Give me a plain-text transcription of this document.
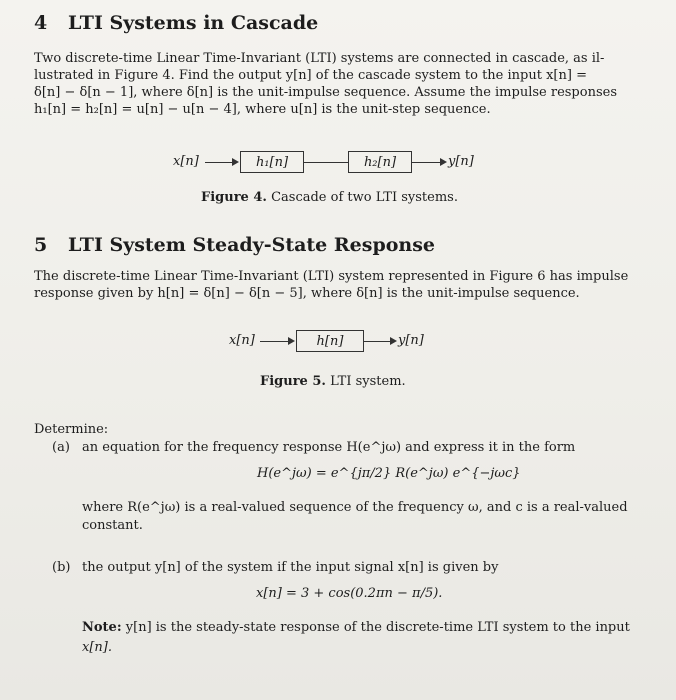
4 LTI Systems in Cascade
Two discrete-time Linear Time-Invariant (LTI) systems are connected in cascade, as il-
lustrated in Figure 4. Find the output y[n] of the cascade system to the input x[n] =
δ[n] − δ[n − 1], where δ[n] is the unit-impulse sequence. Assume the impulse responses
h₁[n] = h₂[n] = u[n] − u[n − 4], where u[n] is the unit-step sequence.
x[n]	h₁[n]	h₂[n]	y[n]
Figure 4. Cascade of two LTI systems.
5 LTI System Steady-State Response
The discrete-time Linear Time-Invariant (LTI) system represented in Figure 6 has impulse
response given by h[n] = δ[n] − δ[n − 5], where δ[n] is the unit-impulse sequence.
x[n]	h[n]	y[n]
Figure 5. LTI system.
Determine:
(a) an equation for the frequency response H(e^jω) and express it in the form
H(e^jω) = e^{jπ/2} R(e^jω) e^{−jωc}
where R(e^jω) is a real-valued sequence of the frequency ω, and c is a real-valued
constant.
(b) the output y[n] of the system if the input signal x[n] is given by
x[n] = 3 + cos(0.2πn − π/5).
Note: y[n] is the steady-state response of the discrete-time LTI system to the input
x[n].
